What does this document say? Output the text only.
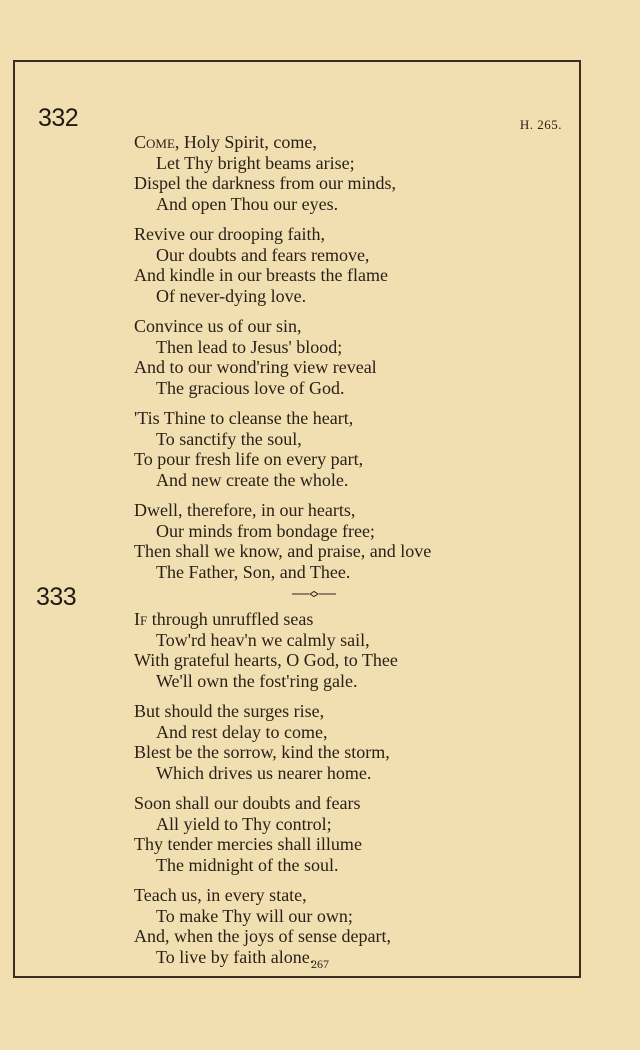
332	H. 265.
Come, Holy Spirit, come,
Let Thy bright beams arise;
Dispel the darkness from our minds,
And open Thou our eyes.
Revive our drooping faith,
Our doubts and fears remove,
And kindle in our breasts the flame
Of never-dying love.
Convince us of our sin,
Then lead to Jesus' blood;
And to our wond'ring view reveal
The gracious love of God.
'Tis Thine to cleanse the heart,
To sanctify the soul,
To pour fresh life on every part,
And new create the whole.
Dwell, therefore, in our hearts,
Our minds from bondage free;
Then shall we know, and praise, and love
The Father, Son, and Thee.
333
If through unruffled seas
Tow'rd heav'n we calmly sail,
With grateful hearts, O God, to Thee
We'll own the fost'ring gale.
But should the surges rise,
And rest delay to come,
Blest be the sorrow, kind the storm,
Which drives us nearer home.
Soon shall our doubts and fears
All yield to Thy control;
Thy tender mercies shall illume
The midnight of the soul.
Teach us, in every state,
To make Thy will our own;
And, when the joys of sense depart,
To live by faith alone.
267
